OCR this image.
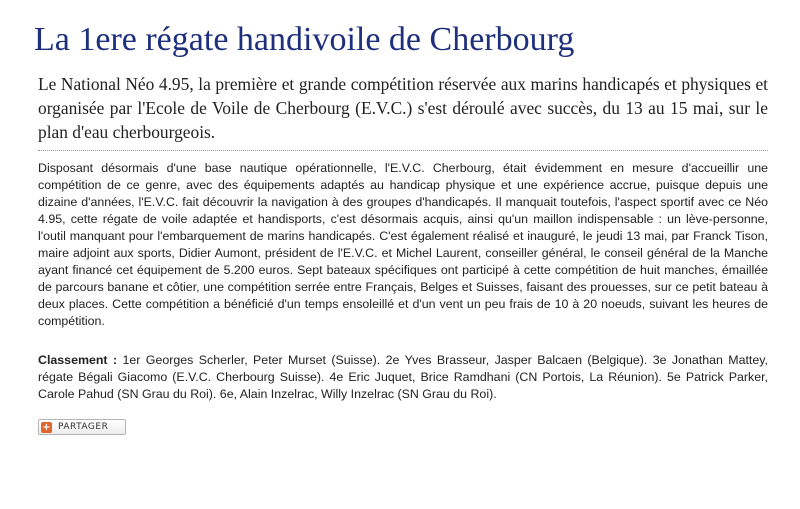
La 1ere régate handivoile de Cherbourg

Le National Néo 4.95, la première et grande compétition réservée aux marins handicapés et physiques et organisée par l'Ecole de Voile de Cherbourg (E.V.C.) s'est déroulé avec succès, du 13 au 15 mai, sur le plan d'eau cherbourgeois.

Disposant désormais d'une base nautique opérationnelle, l'E.V.C. Cherbourg, était évidemment en mesure d'accueillir une compétition de ce genre, avec des équipements adaptés au handicap physique et une expérience accrue, puisque depuis une dizaine d'années, l'E.V.C. fait découvrir la navigation à des groupes d'handicapés. Il manquait toutefois, l'aspect sportif avec ce Néo 4.95, cette régate de voile adaptée et handisports, c'est désormais acquis, ainsi qu'un maillon indispensable : un lève-personne, l'outil manquant pour l'embarquement de marins handicapés. C'est également réalisé et inauguré, le jeudi 13 mai, par Franck Tison, maire adjoint aux sports, Didier Aumont, président de l'E.V.C. et Michel Laurent, conseiller général, le conseil général de la Manche ayant financé cet équipement de 5.200 euros. Sept bateaux spécifiques ont participé à cette compétition de huit manches, émaillée de parcours banane et côtier, une compétition serrée entre Français, Belges et Suisses, faisant des prouesses, sur ce petit bateau à deux places. Cette compétition a bénéficié d'un temps ensoleillé et d'un vent un peu frais de 10 à 20 noeuds, suivant les heures de compétition.

Classement : 1er Georges Scherler, Peter Murset (Suisse). 2e Yves Brasseur, Jasper Balcaen (Belgique). 3e Jonathan Mattey, régate Bégali Giacomo (E.V.C. Cherbourg Suisse). 4e Eric Juquet, Brice Ramdhani (CN Portois, La Réunion). 5e Patrick Parker, Carole Pahud (SN Grau du Roi). 6e, Alain Inzelrac, Willy Inzelrac (SN Grau du Roi).

+ PARTAGER
